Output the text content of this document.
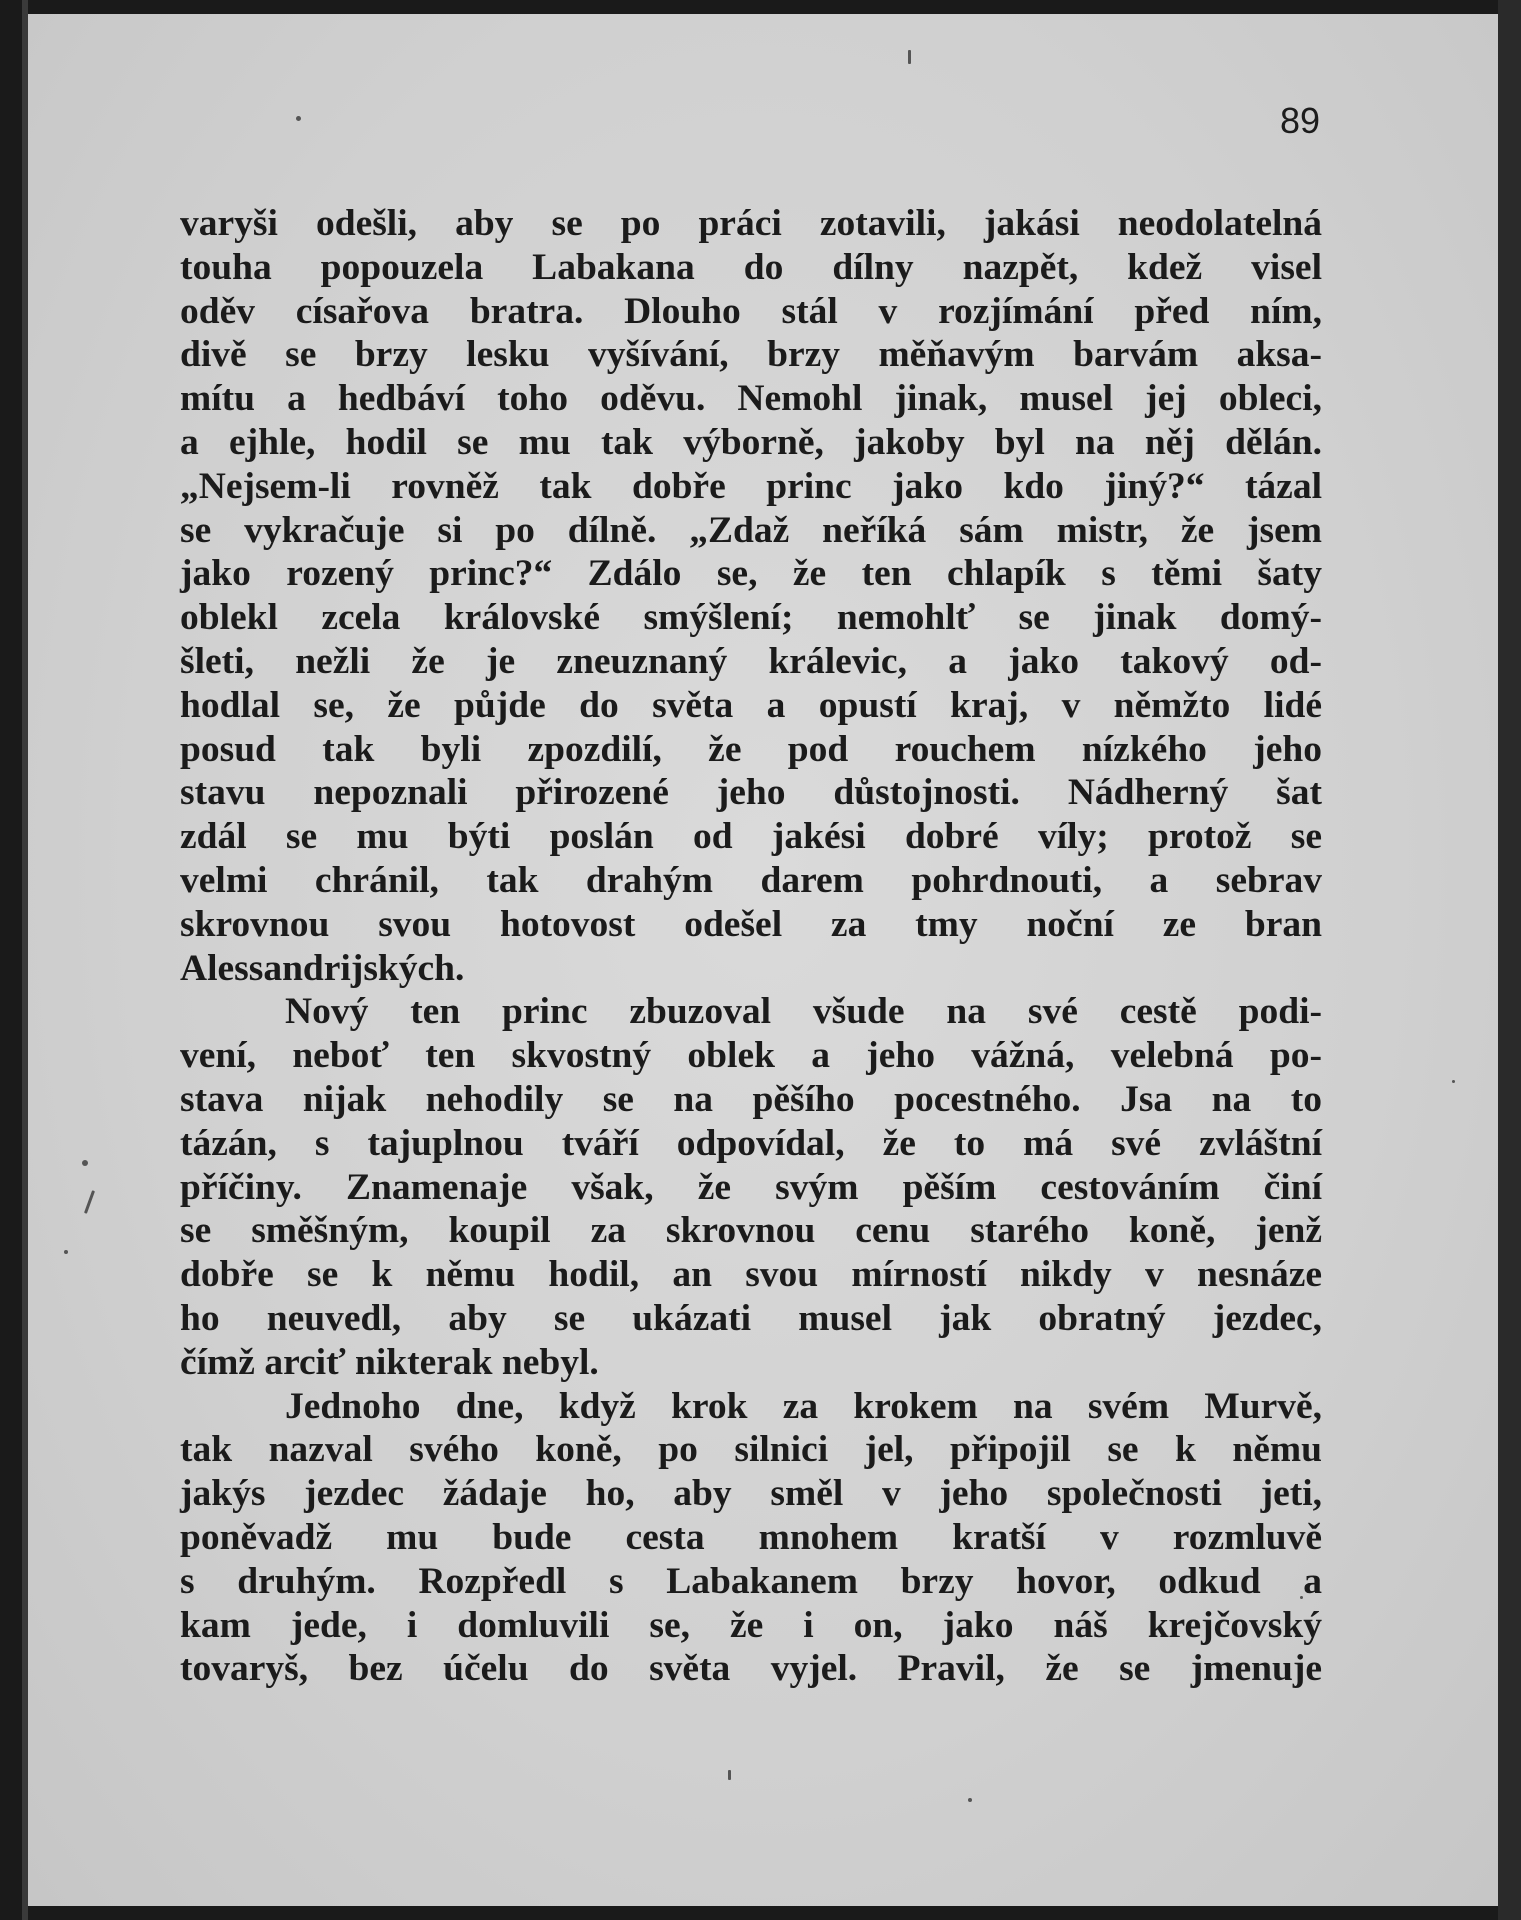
89
varyši odešli, aby se po práci zotavili, jakási neodolatelná
touha popouzela Labakana do dílny nazpět, kdež visel
oděv císařova bratra. Dlouho stál v rozjímání před ním,
divě se brzy lesku vyšívání, brzy měňavým barvám aksa-
mítu a hedbáví toho oděvu. Nemohl jinak, musel jej obleci,
a ejhle, hodil se mu tak výborně, jakoby byl na něj dělán.
„Nejsem-li rovněž tak dobře princ jako kdo jiný?“ tázal
se vykračuje si po dílně. „Zdaž neříká sám mistr, že jsem
jako rozený princ?“ Zdálo se, že ten chlapík s těmi šaty
oblekl zcela královské smýšlení; nemohlť se jinak domý-
šleti, nežli že je zneuznaný králevic, a jako takový od-
hodlal se, že půjde do světa a opustí kraj, v němžto lidé
posud tak byli zpozdilí, že pod rouchem nízkého jeho
stavu nepoznali přirozené jeho důstojnosti. Nádherný šat
zdál se mu býti poslán od jakési dobré víly; protož se
velmi chránil, tak drahým darem pohrdnouti, a sebrav
skrovnou svou hotovost odešel za tmy noční ze bran
Alessandrijských.
Nový ten princ zbuzoval všude na své cestě podi-
vení, neboť ten skvostný oblek a jeho vážná, velebná po-
stava nijak nehodily se na pěšího pocestného. Jsa na to
tázán, s tajuplnou tváří odpovídal, že to má své zvláštní
příčiny. Znamenaje však, že svým pěším cestováním činí
se směšným, koupil za skrovnou cenu starého koně, jenž
dobře se k němu hodil, an svou mírností nikdy v nesnáze
ho neuvedl, aby se ukázati musel jak obratný jezdec,
čímž arciť nikterak nebyl.
Jednoho dne, když krok za krokem na svém Murvě,
tak nazval svého koně, po silnici jel, připojil se k němu
jakýs jezdec žádaje ho, aby směl v jeho společnosti jeti,
poněvadž mu bude cesta mnohem kratší v rozmluvě
s druhým. Rozpředl s Labakanem brzy hovor, odkud a
kam jede, i domluvili se, že i on, jako náš krejčovský
tovaryš, bez účelu do světa vyjel. Pravil, že se jmenuje
